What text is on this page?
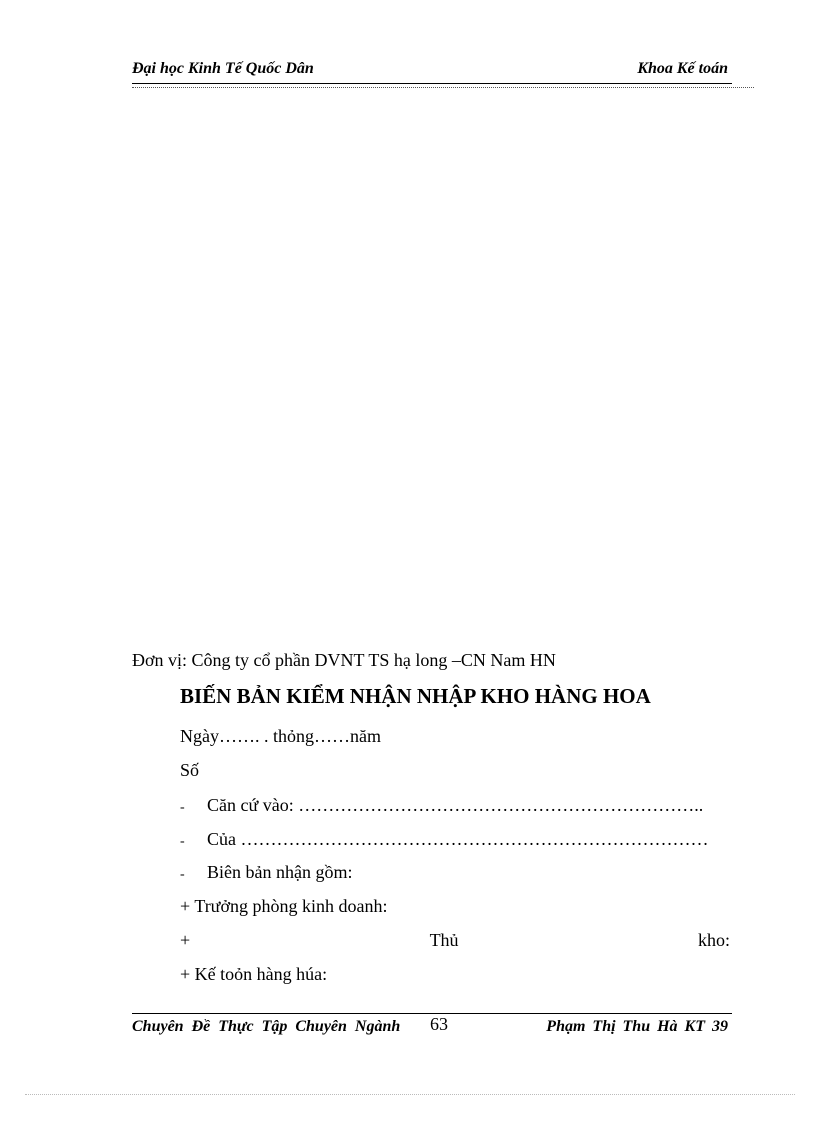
Đại học Kinh Tế Quốc Dân	Khoa Kế toán
Đơn vị: Công ty cổ phần DVNT TS hạ long –CN Nam HN
BIẾN BẢN KIỂM NHẬN NHẬP KHO HÀNG HOA
Ngày……. . thỏng……năm
Số
- Căn cứ vào: …………………………………………………………..
- Của ……………………………………………………………………
- Biên bản nhận gồm:
+ Trưởng phòng kinh doanh:
+	Thủ	kho:
+ Kế toỏn hàng húa:
Chuyên Đề Thực Tập Chuyên Ngành 63	Phạm Thị Thu Hà KT 39
